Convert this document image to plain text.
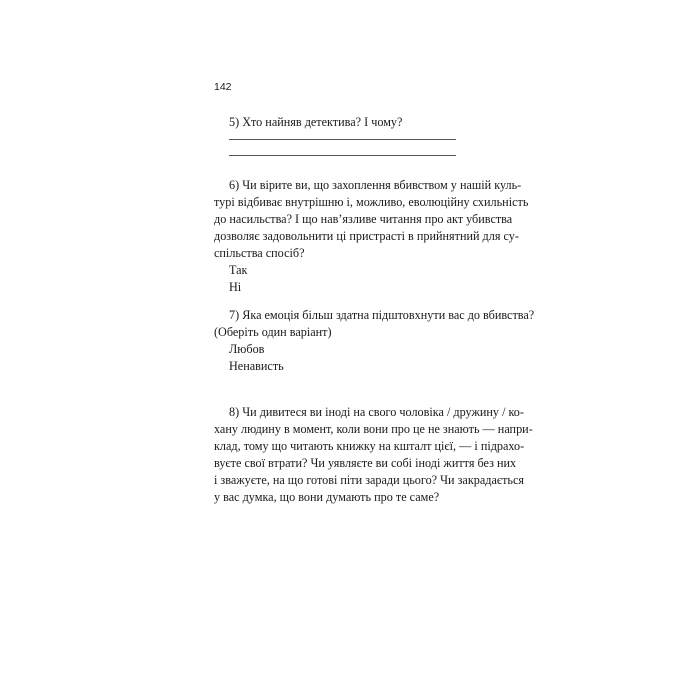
142
5) Хто найняв детектива? І чому?
6) Чи вірите ви, що захоплення вбивством у нашій куль-
турі відбиває внутрішню і, можливо, еволюційну схильність
до насильства? І що нав’язливе читання про акт убивства
дозволяє задовольнити ці пристрасті в прийнятний для су-
спільства спосіб?
Так
Ні
7) Яка емоція більш здатна підштовхнути вас до вбивства?
(Оберіть один варіант)
Любов
Ненависть
8) Чи дивитеся ви іноді на свого чоловіка / дружину / ко-
хану людину в момент, коли вони про це не знають — напри-
клад, тому що читають книжку на кшталт цієї, — і підрахо-
вуєте свої втрати? Чи уявляєте ви собі іноді життя без них
і зважуєте, на що готові піти заради цього? Чи закрадається
у вас думка, що вони думають про те саме?
